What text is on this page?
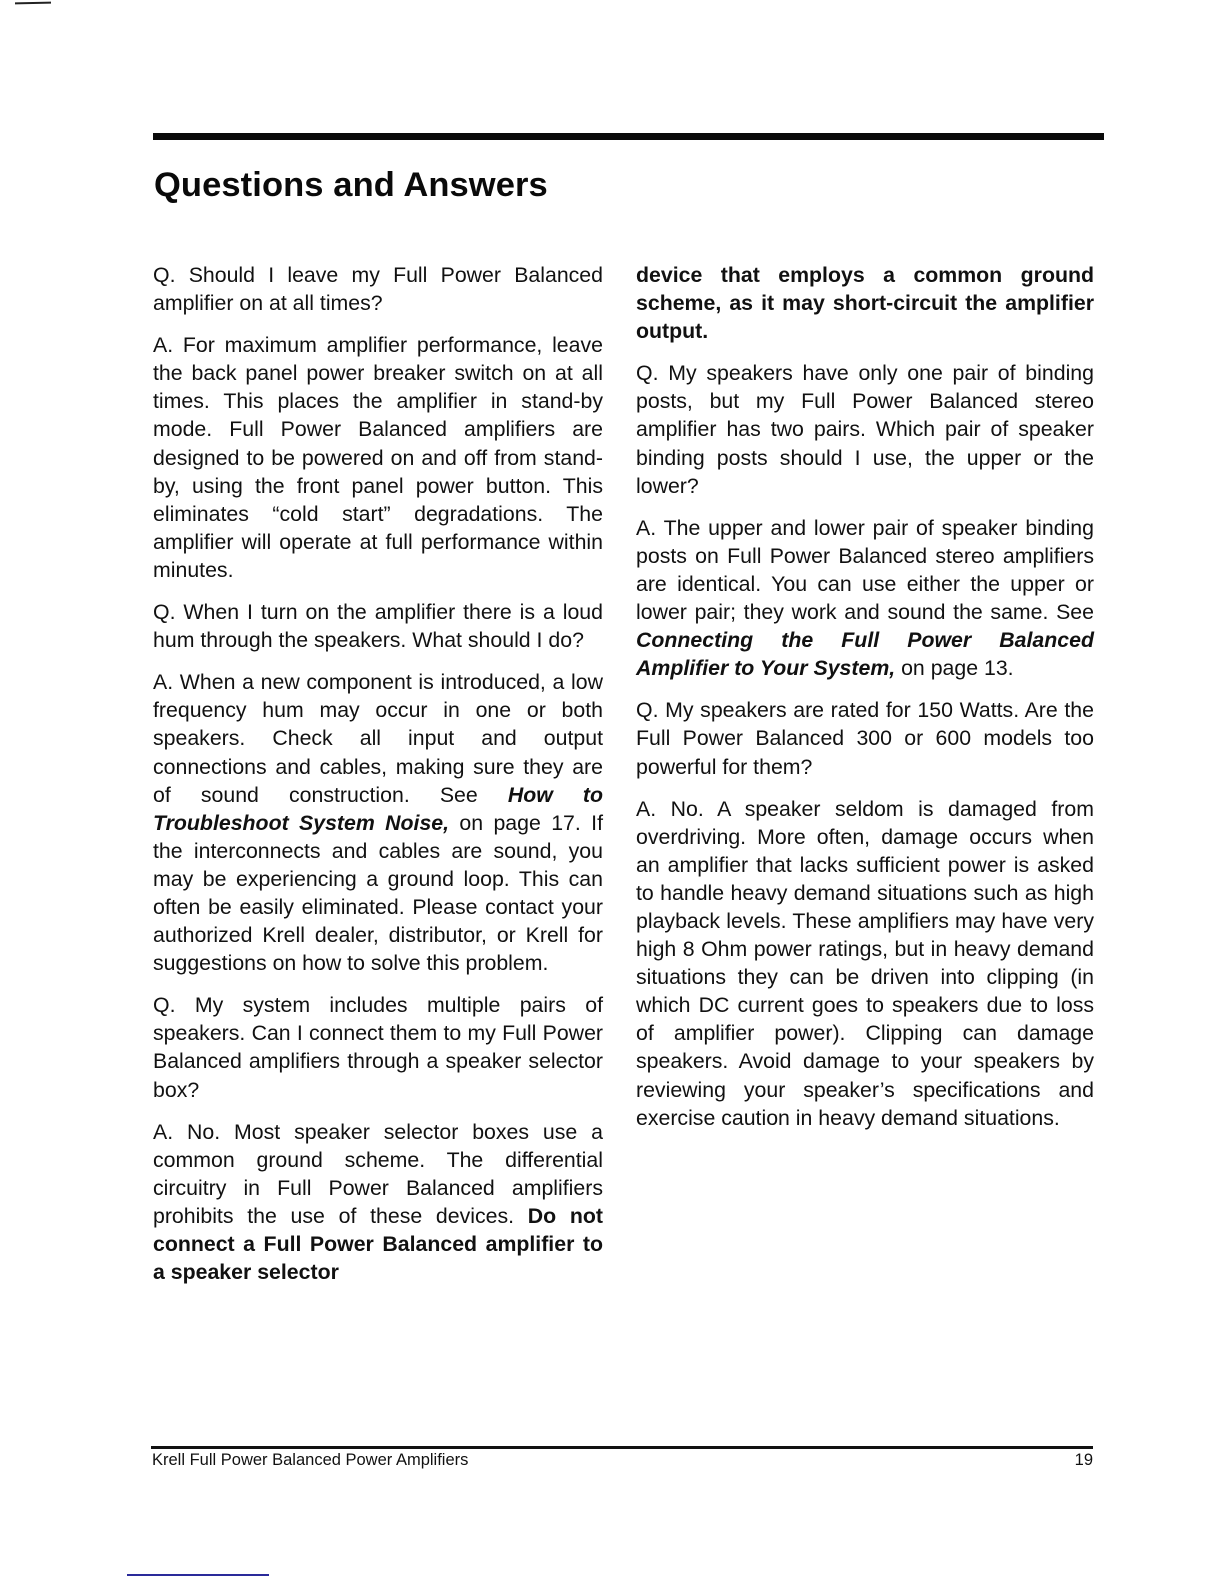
Questions and Answers

Q. Should I leave my Full Power Balanced amplifier on at all times?

A. For maximum amplifier performance, leave the back panel power breaker switch on at all times. This places the amplifier in stand-by mode. Full Power Balanced amplifiers are designed to be powered on and off from stand-by, using the front panel power button. This eliminates “cold start” degradations. The amplifier will operate at full performance within minutes.

Q. When I turn on the amplifier there is a loud hum through the speakers. What should I do?

A. When a new component is introduced, a low frequency hum may occur in one or both speakers. Check all input and output connections and cables, making sure they are of sound construction. See How to Troubleshoot System Noise, on page 17. If the interconnects and cables are sound, you may be experiencing a ground loop. This can often be easily eliminated. Please contact your authorized Krell dealer, distributor, or Krell for suggestions on how to solve this problem.

Q. My system includes multiple pairs of speakers. Can I connect them to my Full Power Balanced amplifiers through a speaker selector box?

A. No. Most speaker selector boxes use a common ground scheme. The differential circuitry in Full Power Balanced amplifiers prohibits the use of these devices. Do not connect a Full Power Balanced amplifier to a speaker selector

device that employs a common ground scheme, as it may short-circuit the amplifier output.

Q. My speakers have only one pair of binding posts, but my Full Power Balanced stereo amplifier has two pairs. Which pair of speaker binding posts should I use, the upper or the lower?

A. The upper and lower pair of speaker binding posts on Full Power Balanced stereo amplifiers are identical. You can use either the upper or lower pair; they work and sound the same. See Connecting the Full Power Balanced Amplifier to Your System, on page 13.

Q. My speakers are rated for 150 Watts. Are the Full Power Balanced 300 or 600 models too powerful for them?

A. No. A speaker seldom is damaged from overdriving. More often, damage occurs when an amplifier that lacks sufficient power is asked to handle heavy demand situations such as high playback levels. These amplifiers may have very high 8 Ohm power ratings, but in heavy demand situations they can be driven into clipping (in which DC current goes to speakers due to loss of amplifier power). Clipping can damage speakers. Avoid damage to your speakers by reviewing your speaker’s specifications and exercise caution in heavy demand situations.

Krell Full Power Balanced Power Amplifiers	19
